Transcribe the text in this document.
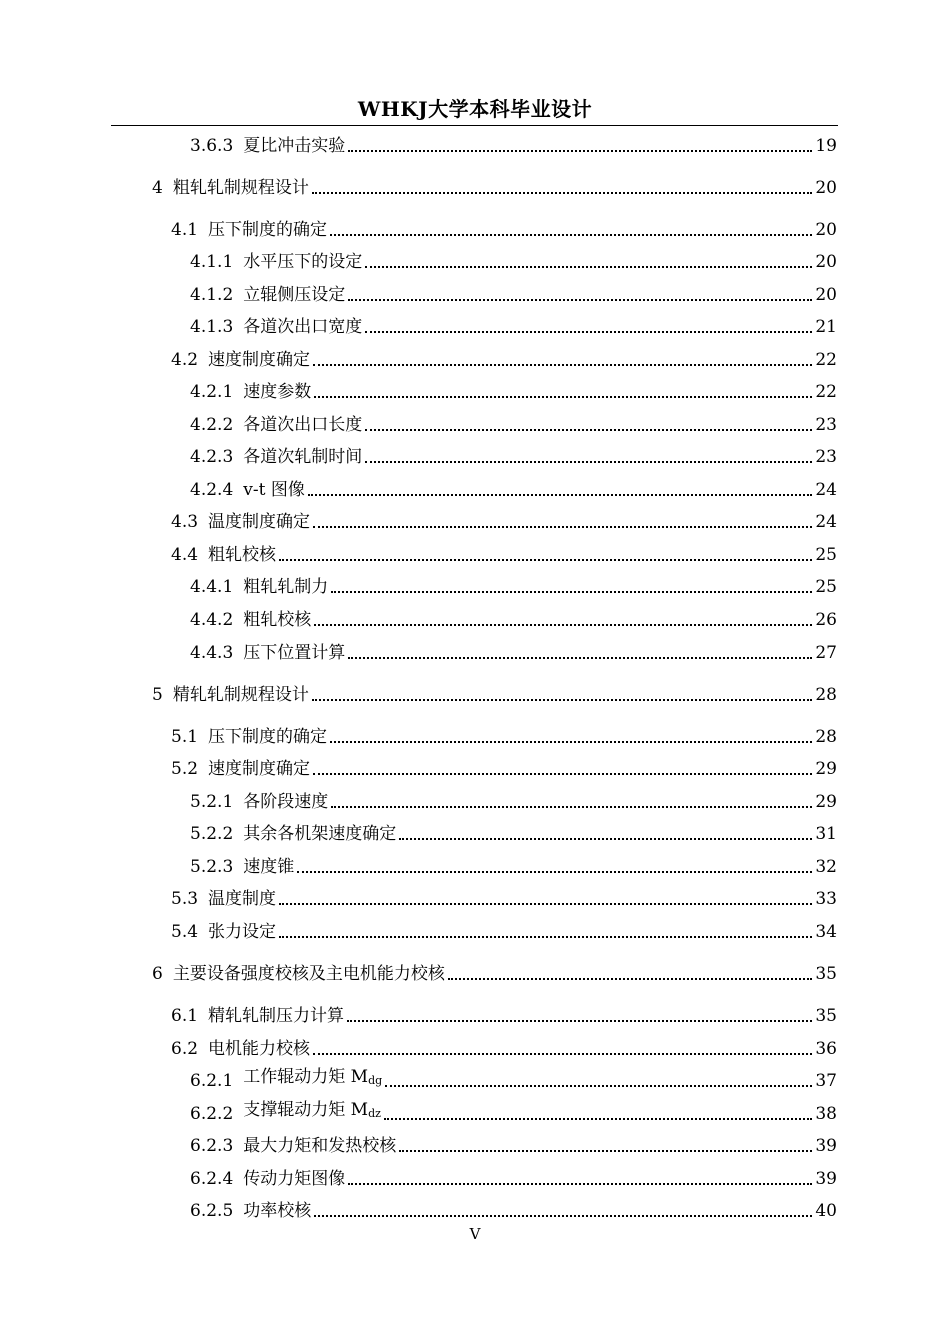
WHKJ大学本科毕业设计
3.6.3 夏比冲击实验	19
4 粗轧轧制规程设计	20
4.1 压下制度的确定	20
4.1.1 水平压下的设定	20
4.1.2 立辊侧压设定	20
4.1.3 各道次出口宽度	21
4.2 速度制度确定	22
4.2.1 速度参数	22
4.2.2 各道次出口长度	23
4.2.3 各道次轧制时间	23
4.2.4 v-t 图像	24
4.3 温度制度确定	24
4.4 粗轧校核	25
4.4.1 粗轧轧制力	25
4.4.2 粗轧校核	26
4.4.3 压下位置计算	27
5 精轧轧制规程设计	28
5.1 压下制度的确定	28
5.2 速度制度确定	29
5.2.1 各阶段速度	29
5.2.2 其余各机架速度确定	31
5.2.3 速度锥	32
5.3 温度制度	33
5.4 张力设定	34
6 主要设备强度校核及主电机能力校核	35
6.1 精轧轧制压力计算	35
6.2 电机能力校核	36
6.2.1 工作辊动力矩 $M_{dg}$	37
6.2.2 支撑辊动力矩 $M_{dz}$	38
6.2.3 最大力矩和发热校核	39
6.2.4 传动力矩图像	39
6.2.5 功率校核	40
V
